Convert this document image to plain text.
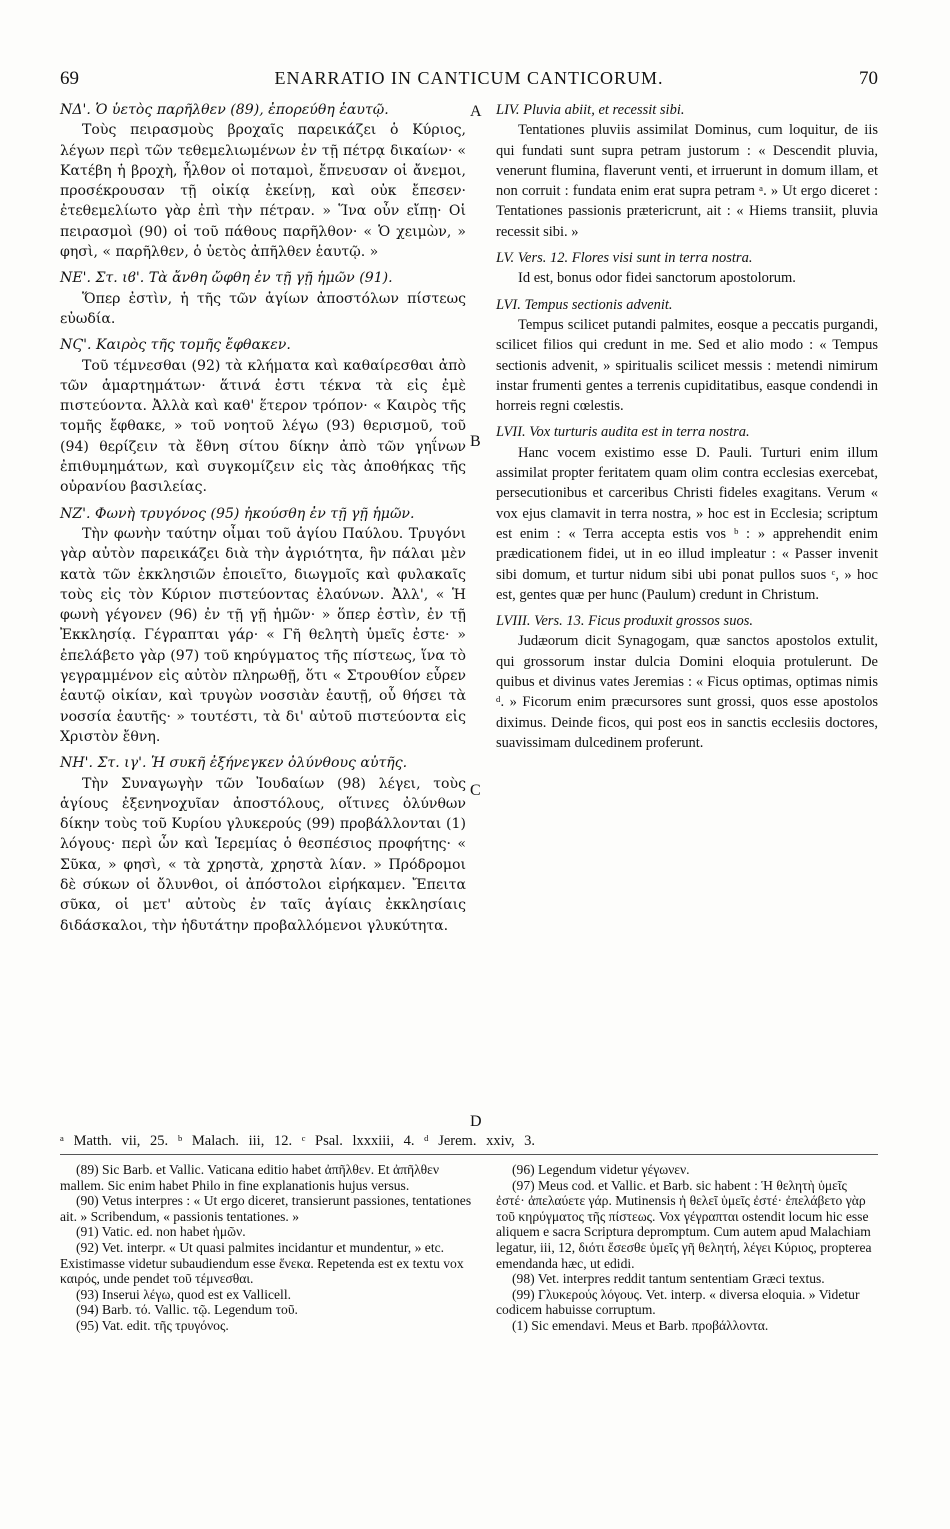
69	ENARRATIO IN CANTICUM CANTICORUM.	70

ΝΔ'. Ὁ ὑετὸς παρῆλθεν (89), ἐπορεύθη ἑαυτῷ.

Τοὺς πειρασμοὺς βροχαῖς παρεικάζει ὁ Κύριος, λέγων περὶ τῶν τεθεμελιωμένων ἐν τῇ πέτρᾳ δικαίων· « Κατέβη ἡ βροχὴ, ἦλθον οἱ ποταμοὶ, ἔπνευσαν οἱ ἄνεμοι, προσέκρουσαν τῇ οἰκίᾳ ἐκείνῃ, καὶ οὐκ ἔπεσεν· ἐτεθεμελίωτο γὰρ ἐπὶ τὴν πέτραν. » Ἵνα οὖν εἴπῃ· Οἱ πειρασμοὶ (90) οἱ τοῦ πάθους παρῆλθον· « Ὁ χειμὼν, » φησὶ, « παρῆλθεν, ὁ ὑετὸς ἀπῆλθεν ἑαυτῷ. »

ΝΕ'. Στ. ιϐ'. Τὰ ἄνθη ὤφθη ἐν τῇ γῇ ἡμῶν (91).

Ὅπερ ἐστὶν, ἡ τῆς τῶν ἁγίων ἀποστόλων πίστεως εὐωδία.

ΝϚ'. Καιρὸς τῆς τομῆς ἔφθακεν.

Τοῦ τέμνεσθαι (92) τὰ κλήματα καὶ καθαίρεσθαι ἀπὸ τῶν ἁμαρτημάτων· ἅτινά ἐστι τέκνα τὰ εἰς ἐμὲ πιστεύοντα. Ἀλλὰ καὶ καθ' ἕτερον τρόπον· « Καιρὸς τῆς τομῆς ἔφθακε, » τοῦ νοητοῦ λέγω (93) θερισμοῦ, τοῦ (94) θερίζειν τὰ ἔθνη σίτου δίκην ἀπὸ τῶν γηΐνων ἐπιθυμημάτων, καὶ συγκομίζειν εἰς τὰς ἀποθήκας τῆς οὐρανίου βασιλείας.

ΝΖ'. Φωνὴ τρυγόνος (95) ἠκούσθη ἐν τῇ γῇ ἡμῶν.

Τὴν φωνὴν ταύτην οἶμαι τοῦ ἁγίου Παύλου. Τρυγόνι γὰρ αὐτὸν παρεικάζει διὰ τὴν ἀγριότητα, ἣν πάλαι μὲν κατὰ τῶν ἐκκλησιῶν ἐποιεῖτο, διωγμοῖς καὶ φυλακαῖς τοὺς εἰς τὸν Κύριον πιστεύοντας ἐλαύνων. Ἀλλ', « Ἡ φωνὴ γέγονεν (96) ἐν τῇ γῇ ἡμῶν· » ὅπερ ἐστὶν, ἐν τῇ Ἐκκλησίᾳ. Γέγραπται γάρ· « Γῆ θελητὴ ὑμεῖς ἐστε· » ἐπελάβετο γὰρ (97) τοῦ κηρύγματος τῆς πίστεως, ἵνα τὸ γεγραμμένον εἰς αὐτὸν πληρωθῇ, ὅτι « Στρουθίον εὗρεν ἑαυτῷ οἰκίαν, καὶ τρυγὼν νοσσιὰν ἑαυτῇ, οὗ θήσει τὰ νοσσία ἑαυτῆς· » τουτέστι, τὰ δι' αὐτοῦ πιστεύοντα εἰς Χριστὸν ἔθνη.

ΝΗ'. Στ. ιγ'. Ἡ συκῆ ἐξήνεγκεν ὀλύνθους αὐτῆς.

Τὴν Συναγωγὴν τῶν Ἰουδαίων (98) λέγει, τοὺς ἁγίους ἐξενηνοχυῖαν ἀποστόλους, οἵτινες ὀλύνθων δίκην τοὺς τοῦ Κυρίου γλυκερούς (99) προβάλλονται (1) λόγους· περὶ ὧν καὶ Ἱερεμίας ὁ θεσπέσιος προφήτης· « Σῦκα, » φησὶ, « τὰ χρηστὰ, χρηστὰ λίαν. » Πρόδρομοι δὲ σύκων οἱ ὄλυνθοι, οἱ ἀπόστολοι εἰρήκαμεν. Ἔπειτα σῦκα, οἱ μετ' αὐτοὺς ἐν ταῖς ἁγίαις ἐκκλησίαις διδάσκαλοι, τὴν ἡδυτάτην προβαλλόμενοι γλυκύτητα.

A
B
C
D

LIV. Pluvia abiit, et recessit sibi.

Tentationes pluviis assimilat Dominus, cum loquitur, de iis qui fundati sunt supra petram justorum : « Descendit pluvia, venerunt flumina, flaverunt venti, et irruerunt in domum illam, et non corruit : fundata enim erat supra petram ᵃ. » Ut ergo diceret : Tentationes passionis prætericrunt, ait : « Hiems transiit, pluvia recessit sibi. »

LV. Vers. 12. Flores visi sunt in terra nostra.

Id est, bonus odor fidei sanctorum apostolorum.

LVI. Tempus sectionis advenit.

Tempus scilicet putandi palmites, eosque a peccatis purgandi, scilicet filios qui credunt in me. Sed et alio modo : « Tempus sectionis advenit, » spiritualis scilicet messis : metendi nimirum instar frumenti gentes a terrenis cupiditatibus, easque condendi in horreis regni cœlestis.

LVII. Vox turturis audita est in terra nostra.

Hanc vocem existimo esse D. Pauli. Turturi enim illum assimilat propter feritatem quam olim contra ecclesias exercebat, persecutionibus et carceribus Christi fideles exagitans. Verum « vox ejus clamavit in terra nostra, » hoc est in Ecclesia; scriptum est enim : « Terra accepta estis vos ᵇ : » apprehendit enim prædicationem fidei, ut in eo illud impleatur : « Passer invenit sibi domum, et turtur nidum sibi ubi ponat pullos suos ᶜ, » hoc est, gentes quæ per hunc (Paulum) credunt in Christum.

LVIII. Vers. 13. Ficus produxit grossos suos.

Judæorum dicit Synagogam, quæ sanctos apostolos extulit, qui grossorum instar dulcia Domini eloquia protulerunt. De quibus et divinus vates Jeremias : « Ficus optimas, optimas nimis ᵈ. » Ficorum enim præcursores sunt grossi, quos esse apostolos diximus. Deinde ficos, qui post eos in sanctis ecclesiis doctores, suavissimam dulcedinem proferunt.

ᵃ Matth. vii, 25. ᵇ Malach. iii, 12. ᶜ Psal. lxxxiii, 4. ᵈ Jerem. xxiv, 3.

(89) Sic Barb. et Vallic. Vaticana editio habet ἀπῆλθεν. Et ἀπῆλθεν mallem. Sic enim habet Philo in fine explanationis hujus versus.

(90) Vetus interpres : « Ut ergo diceret, transierunt passiones, tentationes ait. » Scribendum, « passionis tentationes. »

(91) Vatic. ed. non habet ἡμῶν.

(92) Vet. interpr. « Ut quasi palmites incidantur et mundentur, » etc. Existimasse videtur subaudiendum esse ἕνεκα. Repetenda est ex textu vox καιρός, unde pendet τοῦ τέμνεσθαι.

(93) Inserui λέγω, quod est ex Vallicell.

(94) Barb. τό. Vallic. τῷ. Legendum τοῦ.

(95) Vat. edit. τῆς τρυγόνος.

(96) Legendum videtur γέγωνεν.

(97) Meus cod. et Vallic. et Barb. sic habent : Ἡ θελητὴ ὑμεῖς ἐστέ· ἀπελαύετε γάρ. Mutinensis ἡ θελεῖ ὑμεῖς ἐστέ· ἐπελάβετο γὰρ τοῦ κηρύγματος τῆς πίστεως. Vox γέγραπται ostendit locum hic esse aliquem e sacra Scriptura depromptum. Cum autem apud Malachiam legatur, iii, 12, διότι ἔσεσθε ὑμεῖς γῆ θελητή, λέγει Κύριος, propterea emendanda hæc, ut edidi.

(98) Vet. interpres reddit tantum sententiam Græci textus.

(99) Γλυκερούς λόγους. Vet. interp. « diversa eloquia. » Videtur codicem habuisse corruptum.

(1) Sic emendavi. Meus et Barb. προβάλλοντα.
